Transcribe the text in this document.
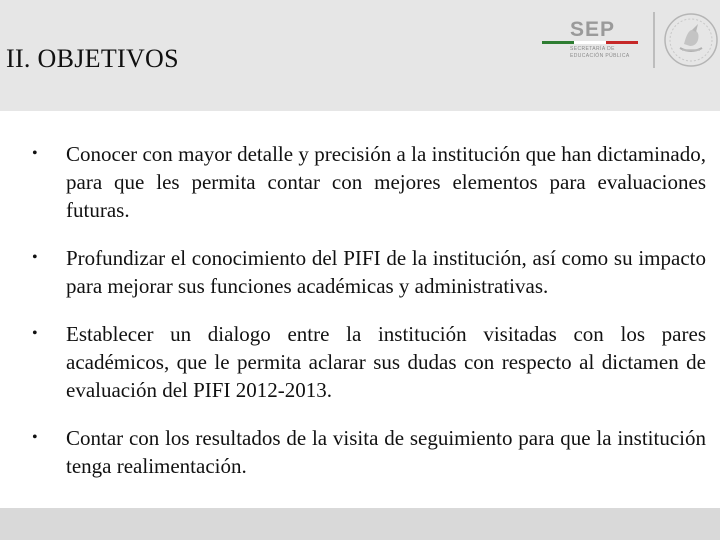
II. OBJETIVOS
SEP
SECRETARÍA DE EDUCACIÓN PÚBLICA
•	Conocer con mayor detalle y precisión a la institución que han dictaminado, para que les permita contar con mejores elementos para evaluaciones futuras.
•	Profundizar el conocimiento del PIFI de la institución, así como su impacto para mejorar sus funciones académicas y administrativas.
•	Establecer un dialogo entre la institución visitadas con los pares académicos, que le permita aclarar sus dudas con respecto al dictamen de evaluación del PIFI 2012-2013.
•	Contar con los resultados de la visita de seguimiento para que la institución tenga realimentación.
